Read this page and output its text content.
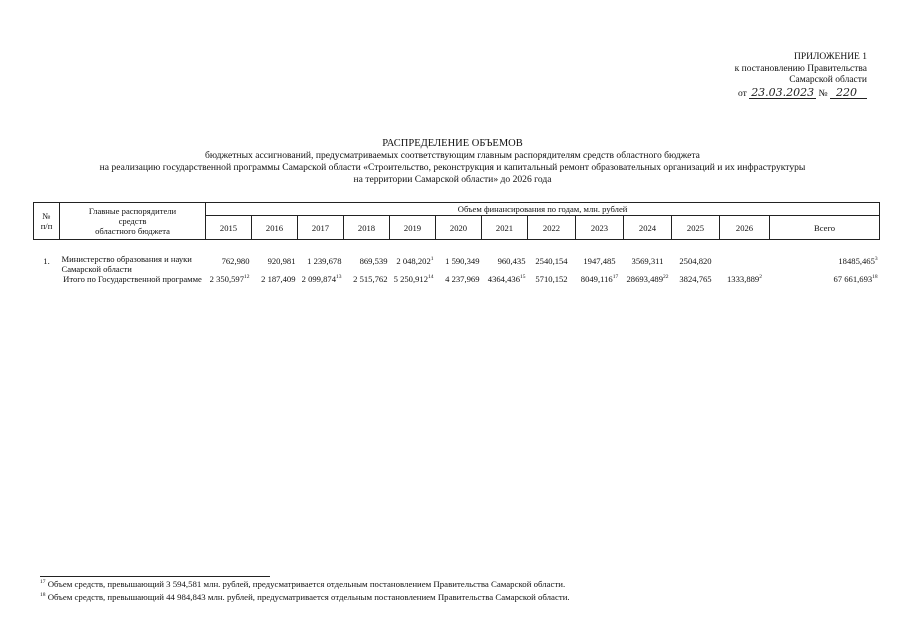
ПРИЛОЖЕНИЕ 1
к постановлению Правительства
Самарской области
от 23.03.2023 № 220
РАСПРЕДЕЛЕНИЕ ОБЪЕМОВ
бюджетных ассигнований, предусматриваемых соответствующим главным распорядителям средств областного бюджета
на реализацию государственной программы Самарской области «Строительство, реконструкция и капитальный ремонт образовательных организаций и их инфраструктуры
на территории Самарской области» до 2026 года
№
п/п	Главные распорядители
средств
областного бюджета	Объем финансирования по годам, млн. рублей												
		2015	2016	2017	2018	2019	2020	2021	2022	2023	2024	2025	2026	Всего
1.	Министерство образования и науки Самарской области	762,980	920,981	1 239,678	869,539	2 048,202$^1$	1 590,349	960,435	2540,154	1947,485	3569,311	2504,820		18485,465$^3$
	Итого по Государственной программе	2 350,597$^{12}$	2 187,409	2 099,874$^{13}$	2 515,762	5 250,912$^{14}$	4 237,969	4364,436$^{15}$	5710,152	8049,116$^{17}$	28693,489$^{22}$	3824,765	1333,889$^2$	67 661,693$^{18}$
$^{17}$ Объем средств, превышающий 3 594,581 млн. рублей, предусматривается отдельным постановлением Правительства Самарской области.
$^{18}$ Объем средств, превышающий 44 984,843 млн. рублей, предусматривается отдельным постановлением Правительства Самарской области.
